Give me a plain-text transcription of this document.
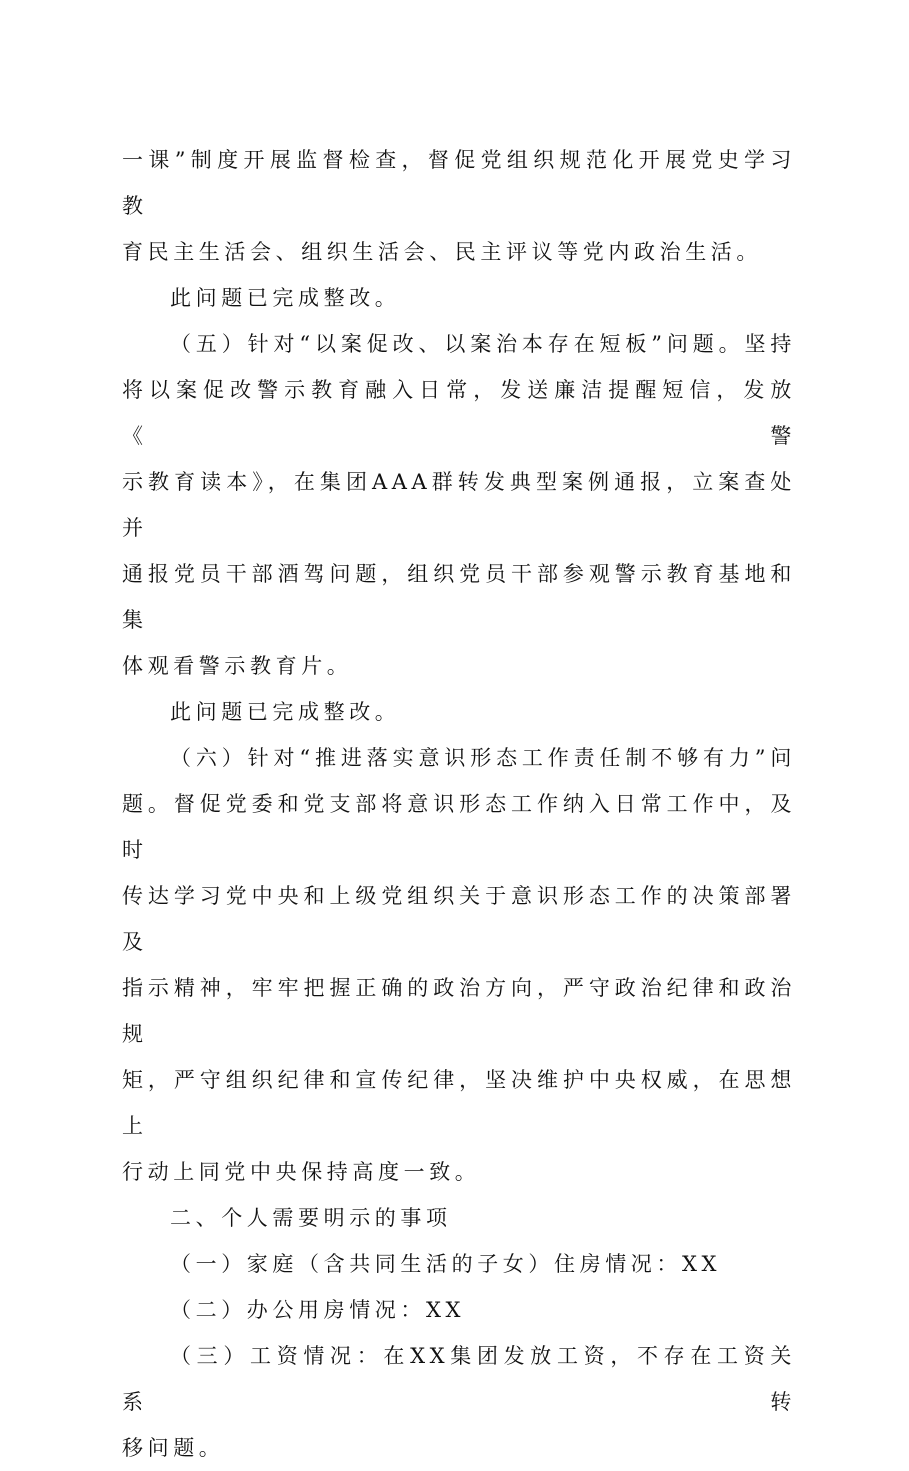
一课”制度开展监督检查，督促党组织规范化开展党史学习教
育民主生活会、组织生活会、民主评议等党内政治生活。
此问题已完成整改。
（五）针对“以案促改、以案治本存在短板”问题。坚持
将以案促改警示教育融入日常，发送廉洁提醒短信，发放《警
示教育读本》，在集团AAA群转发典型案例通报，立案查处并
通报党员干部酒驾问题，组织党员干部参观警示教育基地和集
体观看警示教育片。
此问题已完成整改。
（六）针对“推进落实意识形态工作责任制不够有力”问
题。督促党委和党支部将意识形态工作纳入日常工作中，及时
传达学习党中央和上级党组织关于意识形态工作的决策部署及
指示精神，牢牢把握正确的政治方向，严守政治纪律和政治规
矩，严守组织纪律和宣传纪律，坚决维护中央权威，在思想上
行动上同党中央保持高度一致。
二、个人需要明示的事项
（一）家庭（含共同生活的子女）住房情况：XX
（二）办公用房情况：XX
（三）工资情况：在XX集团发放工资，不存在工资关系转
移问题。
